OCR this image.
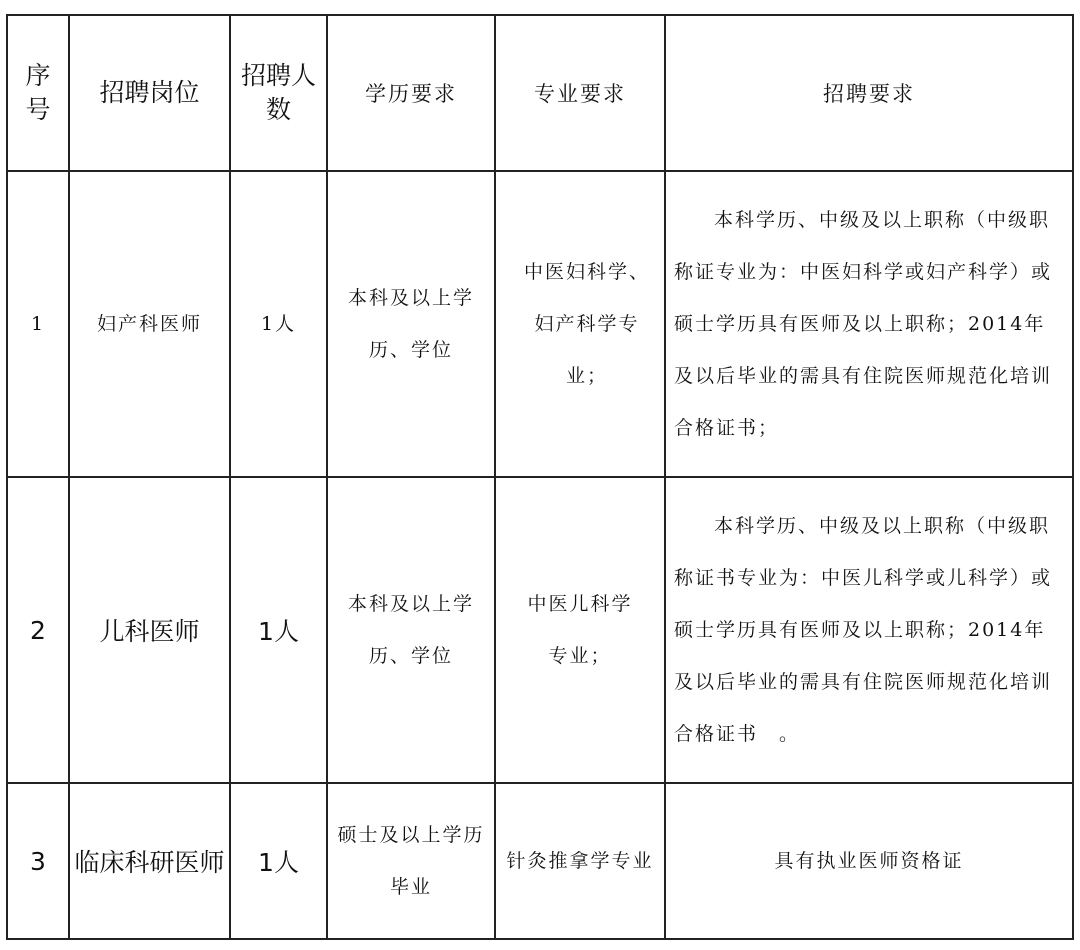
序号	招聘岗位	招聘人数	学历要求	专业要求	招聘要求
1	妇产科医师	1人	本科及以上学历、学位	中医妇科学、妇产科学专业；	本科学历、中级及以上职称（中级职称证专业为：中医妇科学或妇产科学）或硕士学历具有医师及以上职称；2014年及以后毕业的需具有住院医师规范化培训合格证书；

2	儿科医师	1人	本科及以上学历、学位	中医儿科学专业；	本科学历、中级及以上职称（中级职称证书专业为：中医儿科学或儿科学）或硕士学历具有医师及以上职称；2014年及以后毕业的需具有住院医师规范化培训合格证书　。

3	临床科研医师	1人	硕士及以上学历毕业	针灸推拿学专业	具有执业医师资格证
